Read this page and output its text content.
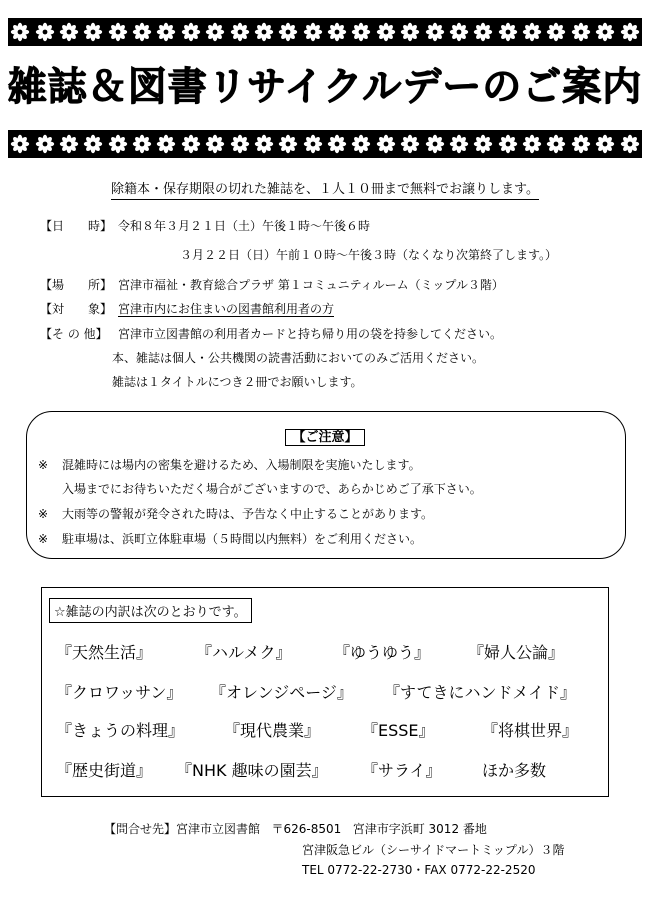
雑誌＆図書リサイクルデーのご案内
除籍本・保存期限の切れた雑誌を、１人１０冊まで無料でお譲りします。
【日　　時】 令和８年３月２１日（土）午後１時～午後６時
３月２２日（日）午前１０時～午後３時（なくなり次第終了します。）
【場　　所】 宮津市福祉・教育総合プラザ 第１コミュニティルーム（ミップル３階）
【対　　象】 宮津市内にお住まいの図書館利用者の方
【そ の 他】 宮津市立図書館の利用者カードと持ち帰り用の袋を持参してください。
本、雑誌は個人・公共機関の読書活動においてのみご活用ください。
雑誌は１タイトルにつき２冊でお願いします。
【ご注意】
※ 混雑時には場内の密集を避けるため、入場制限を実施いたします。
入場までにお待ちいただく場合がございますので、あらかじめご了承下さい。
※ 大雨等の警報が発令された時は、予告なく中止することがあります。
※ 駐車場は、浜町立体駐車場（５時間以内無料）をご利用ください。
☆雑誌の内訳は次のとおりです。
『天然生活』	『ハルメク』	『ゆうゆう』 『婦人公論』
『クロワッサン』 『オレンジページ』 『すてきにハンドメイド』
『きょうの料理』 『現代農業』	『ESSE』	『将棋世界』
『歴史街道』 『NHK 趣味の園芸』 『サライ』	ほか多数
【問合せ先】宮津市立図書館 〒626-8501 宮津市字浜町 3012 番地
宮津阪急ビル（シーサイドマートミップル）３階
TEL 0772-22-2730・FAX 0772-22-2520
